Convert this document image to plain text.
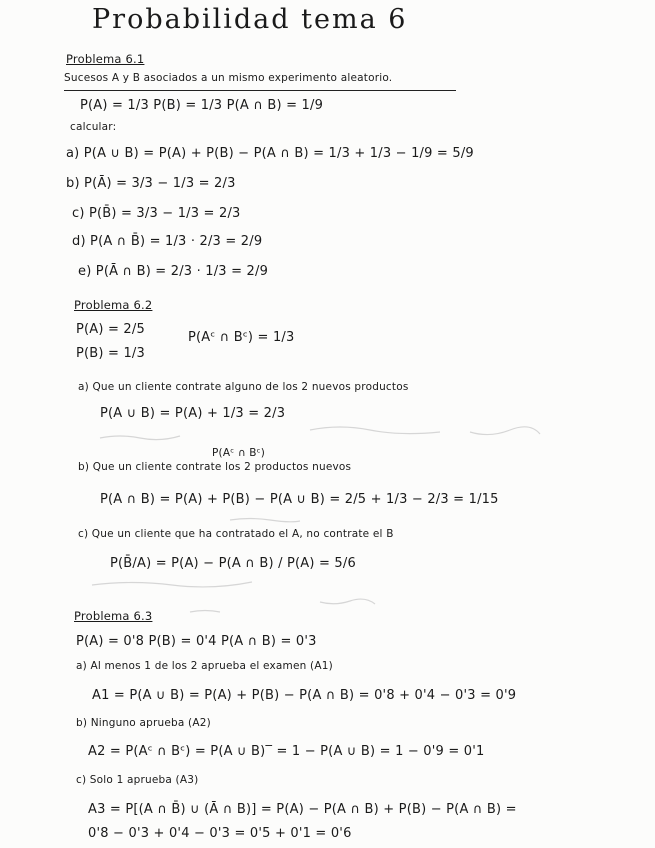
Probabilidad tema 6
Problema 6.1
Sucesos A y B asociados a un mismo experimento aleatorio.
P(A) = 1/3 P(B) = 1/3 P(A ∩ B) = 1/9
calcular:
a) P(A ∪ B) = P(A) + P(B) − P(A ∩ B) = 1/3 + 1/3 − 1/9 = 5/9
b) P(Ā) = 3/3 − 1/3 = 2/3
c) P(B̄) = 3/3 − 1/3 = 2/3
d) P(A ∩ B̄) = 1/3 · 2/3 = 2/9
e) P(Ā ∩ B) = 2/3 · 1/3 = 2/9
Problema 6.2
P(A) = 2/5
P(B) = 1/3
P(Aᶜ ∩ Bᶜ) = 1/3
a) Que un cliente contrate alguno de los 2 nuevos productos
P(A ∪ B) = P(A) + 1/3 = 2/3
P(Aᶜ ∩ Bᶜ)
b) Que un cliente contrate los 2 productos nuevos
P(A ∩ B) = P(A) + P(B) − P(A ∪ B) = 2/5 + 1/3 − 2/3 = 1/15
c) Que un cliente que ha contratado el A, no contrate el B
P(B̄/A) = P(A) − P(A ∩ B) / P(A) = 5/6
Problema 6.3
P(A) = 0'8 P(B) = 0'4 P(A ∩ B) = 0'3
a) Al menos 1 de los 2 aprueba el examen (A1)
A1 = P(A ∪ B) = P(A) + P(B) − P(A ∩ B) = 0'8 + 0'4 − 0'3 = 0'9
b) Ninguno aprueba (A2)
A2 = P(Aᶜ ∩ Bᶜ) = P(A ∪ B)‾ = 1 − P(A ∪ B) = 1 − 0'9 = 0'1
c) Solo 1 aprueba (A3)
A3 = P[(A ∩ B̄) ∪ (Ā ∩ B)] = P(A) − P(A ∩ B) + P(B) − P(A ∩ B) =
0'8 − 0'3 + 0'4 − 0'3 = 0'5 + 0'1 = 0'6
